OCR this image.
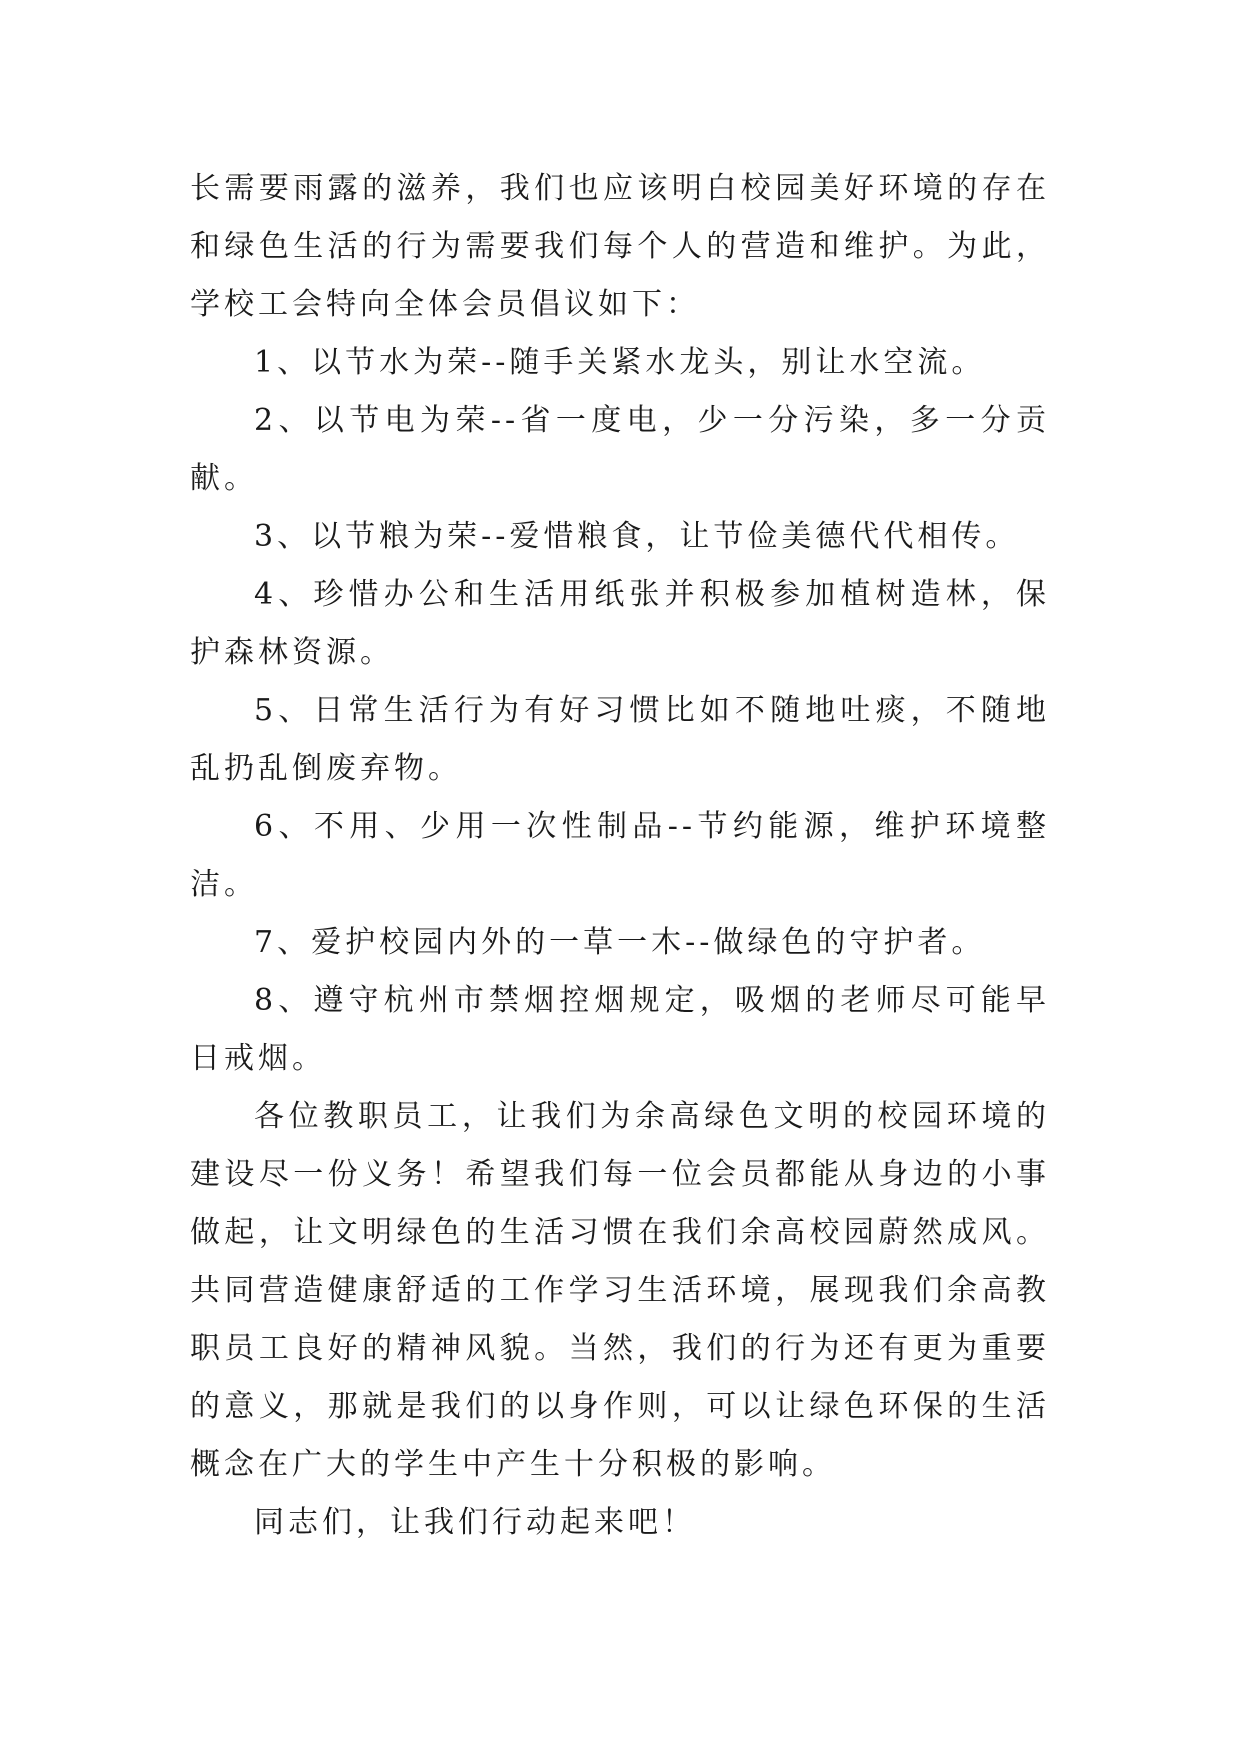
长需要雨露的滋养，我们也应该明白校园美好环境的存在和绿色生活的行为需要我们每个人的营造和维护。为此，学校工会特向全体会员倡议如下：

1、以节水为荣--随手关紧水龙头，别让水空流。

2、以节电为荣--省一度电，少一分污染，多一分贡献。

3、以节粮为荣--爱惜粮食，让节俭美德代代相传。

4、珍惜办公和生活用纸张并积极参加植树造林，保护森林资源。

5、日常生活行为有好习惯比如不随地吐痰，不随地乱扔乱倒废弃物。

6、不用、少用一次性制品--节约能源，维护环境整洁。

7、爱护校园内外的一草一木--做绿色的守护者。

8、遵守杭州市禁烟控烟规定，吸烟的老师尽可能早日戒烟。

各位教职员工，让我们为余高绿色文明的校园环境的建设尽一份义务！希望我们每一位会员都能从身边的小事做起，让文明绿色的生活习惯在我们余高校园蔚然成风。共同营造健康舒适的工作学习生活环境，展现我们余高教职员工良好的精神风貌。当然，我们的行为还有更为重要的意义，那就是我们的以身作则，可以让绿色环保的生活概念在广大的学生中产生十分积极的影响。

同志们，让我们行动起来吧！
